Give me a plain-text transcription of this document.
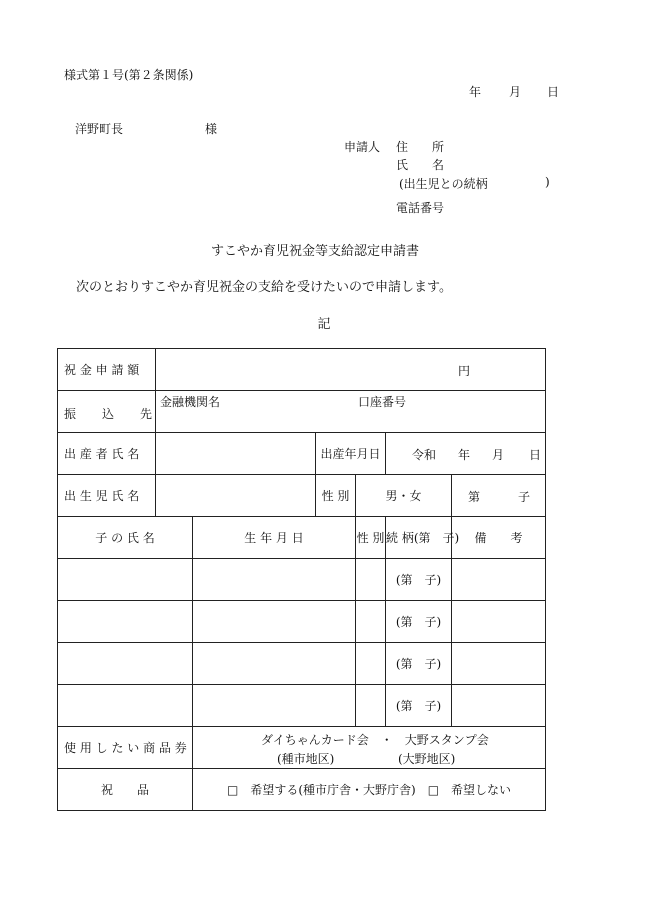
様式第１号(第２条関係)
年 月 日
洋野町長	様
申請人 住　　所
氏　　名
(出生児との続柄	)
電話番号
すこやか育児祝金等支給認定申請書
次のとおりすこやか育児祝金の支給を受けたいので申請します。
記
祝 金 申 請 額	円					

振 込 先	金融機関名 口座番号					

出 産 者 氏 名			出産年月日		令和 年 月 日	

出 生 児 氏 名			性 別	男・女		第 子

子 の 氏 名		生 年 月 日		性 別	続 柄(第　子)	備　　考
					(第　子)	
					(第　子)	
					(第　子)	
					(第　子)	
使 用 し た い 商 品 券		ダイちゃんカード会　・　大野スタンプ会
(種市地区) (大野地区)				

祝　　品		□　希望する(種市庁舎・大野庁舎)　□　希望しない				
